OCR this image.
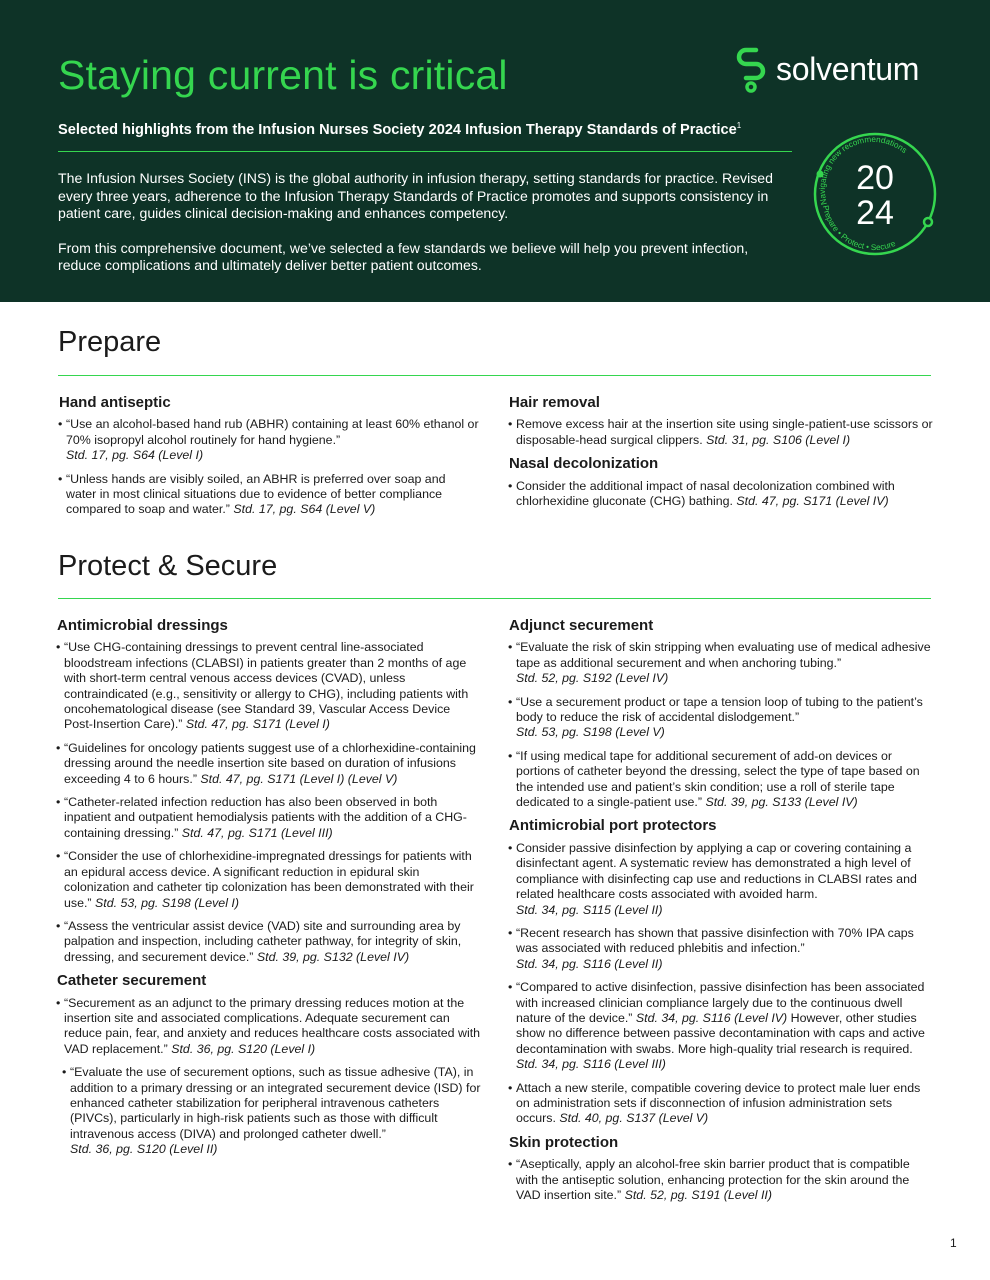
Staying current is critical	solventum
Selected highlights from the Infusion Nurses Society 2024 Infusion Therapy Standards of Practice$^1$

The Infusion Nurses Society (INS) is the global authority in infusion therapy, setting standards for practice. Revised every three years, adherence to the Infusion Therapy Standards of Practice promotes and supports consistency in patient care, guides clinical decision-making and enhances competency.

From this comprehensive document, we’ve selected a few standards we believe will help you prevent infection, reduce complications and ultimately deliver better patient outcomes.

Navigating new recommendations
Prepare • Protect • Secure
20
24
Prepare
Hand antiseptic
• “Use an alcohol-based hand rub (ABHR) containing at least 60% ethanol or 70% isopropyl alcohol routinely for hand hygiene.”
Std. 17, pg. S64 (Level I)
• “Unless hands are visibly soiled, an ABHR is preferred over soap and water in most clinical situations due to evidence of better compliance compared to soap and water.” Std. 17, pg. S64 (Level V)
Hair removal
• Remove excess hair at the insertion site using single-patient-use scissors or disposable-head surgical clippers. Std. 31, pg. S106 (Level I)
Nasal decolonization
• Consider the additional impact of nasal decolonization combined with chlorhexidine gluconate (CHG) bathing. Std. 47, pg. S171 (Level IV)
Protect & Secure
Antimicrobial dressings
• “Use CHG-containing dressings to prevent central line-associated bloodstream infections (CLABSI) in patients greater than 2 months of age with short-term central venous access devices (CVAD), unless contraindicated (e.g., sensitivity or allergy to CHG), including patients with oncohematological disease (see Standard 39, Vascular Access Device Post-Insertion Care).” Std. 47, pg. S171 (Level I)
• “Guidelines for oncology patients suggest use of a chlorhexidine-containing dressing around the needle insertion site based on duration of infusions exceeding 4 to 6 hours.” Std. 47, pg. S171 (Level I) (Level V)
• “Catheter-related infection reduction has also been observed in both inpatient and outpatient hemodialysis patients with the addition of a CHG-containing dressing.” Std. 47, pg. S171 (Level III)
• “Consider the use of chlorhexidine-impregnated dressings for patients with an epidural access device. A significant reduction in epidural skin colonization and catheter tip colonization has been demonstrated with their use.” Std. 53, pg. S198 (Level I)
• “Assess the ventricular assist device (VAD) site and surrounding area by palpation and inspection, including catheter pathway, for integrity of skin, dressing, and securement device.” Std. 39, pg. S132 (Level IV)
Catheter securement
• “Securement as an adjunct to the primary dressing reduces motion at the insertion site and associated complications. Adequate securement can reduce pain, fear, and anxiety and reduces healthcare costs associated with VAD replacement.” Std. 36, pg. S120 (Level I)
• “Evaluate the use of securement options, such as tissue adhesive (TA), in addition to a primary dressing or an integrated securement device (ISD) for enhanced catheter stabilization for peripheral intravenous catheters (PIVCs), particularly in high-risk patients such as those with difficult intravenous access (DIVA) and prolonged catheter dwell.”
Std. 36, pg. S120 (Level II)
Adjunct securement
• “Evaluate the risk of skin stripping when evaluating use of medical adhesive tape as additional securement and when anchoring tubing.”
Std. 52, pg. S192 (Level IV)
• “Use a securement product or tape a tension loop of tubing to the patient’s body to reduce the risk of accidental dislodgement.”
Std. 53, pg. S198 (Level V)
• “If using medical tape for additional securement of add-on devices or portions of catheter beyond the dressing, select the type of tape based on the intended use and patient’s skin condition; use a roll of sterile tape dedicated to a single-patient use.” Std. 39, pg. S133 (Level IV)
Antimicrobial port protectors
• Consider passive disinfection by applying a cap or covering containing a disinfectant agent. A systematic review has demonstrated a high level of compliance with disinfecting cap use and reductions in CLABSI rates and related healthcare costs associated with avoided harm.
Std. 34, pg. S115 (Level II)
• “Recent research has shown that passive disinfection with 70% IPA caps was associated with reduced phlebitis and infection.”
Std. 34, pg. S116 (Level II)
• “Compared to active disinfection, passive disinfection has been associated with increased clinician compliance largely due to the continuous dwell nature of the device.” Std. 34, pg. S116 (Level IV) However, other studies show no difference between passive decontamination with caps and active decontamination with swabs. More high-quality trial research is required. Std. 34, pg. S116 (Level III)
• Attach a new sterile, compatible covering device to protect male luer ends on administration sets if disconnection of infusion administration sets occurs. Std. 40, pg. S137 (Level V)
Skin protection
• “Aseptically, apply an alcohol-free skin barrier product that is compatible with the antiseptic solution, enhancing protection for the skin around the VAD insertion site.” Std. 52, pg. S191 (Level II)
1
